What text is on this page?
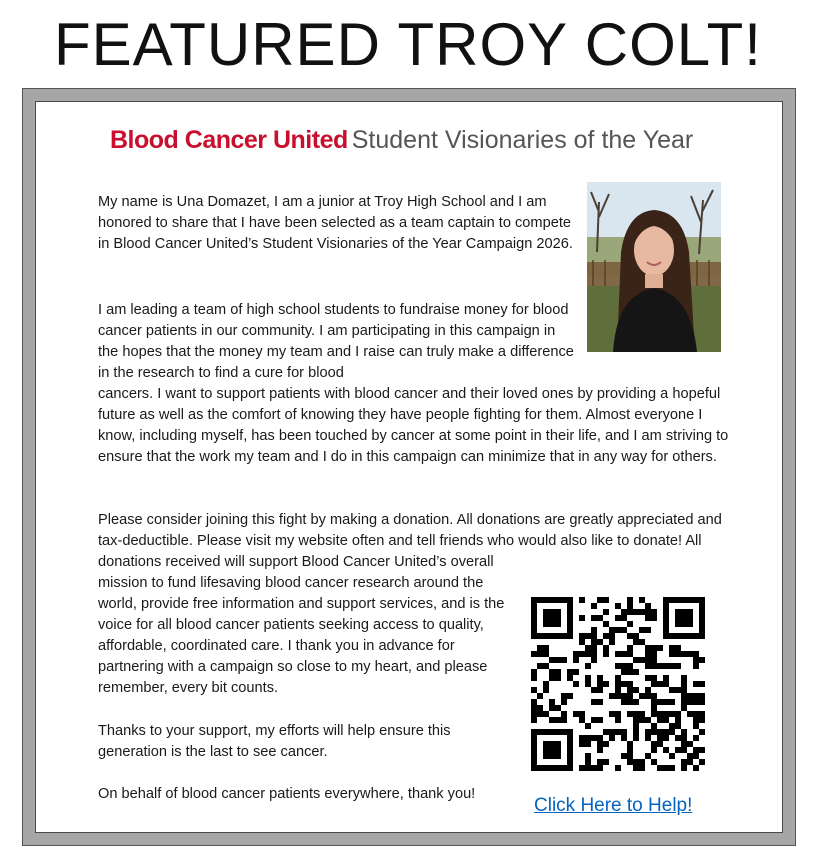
FEATURED TROY COLT!
Blood Cancer United Student Visionaries of the Year
My name is Una Domazet, I am a junior at Troy High School and I am honored to share that I have been selected as a team captain to compete in Blood Cancer United’s Student Visionaries of the Year Campaign 2026.
I am leading a team of high school students to fundraise money for blood cancer patients in our community. I am participating in this campaign in the hopes that the money my team and I raise can truly make a difference in the research to find a cure for blood
cancers. I want to support patients with blood cancer and their loved ones by providing a hopeful future as well as the comfort of knowing they have people fighting for them. Almost everyone I know, including myself, has been touched by cancer at some point in their life, and I am striving to ensure that the work my team and I do in this campaign can minimize that in any way for others.
Please consider joining this fight by making a donation. All donations are greatly appreciated and tax-deductible. Please visit my website often and tell friends who would also like to donate! All donations received will support Blood Cancer United’s overall
mission to fund lifesaving blood cancer research around the world, provide free information and support services, and is the voice for all blood cancer patients seeking access to quality, affordable, coordinated care. I thank you in advance for partnering with a campaign so close to my heart, and please remember, every bit counts.
Thanks to your support, my efforts will help ensure this generation is the last to see cancer.
On behalf of blood cancer patients everywhere, thank you!
Click Here to Help!
